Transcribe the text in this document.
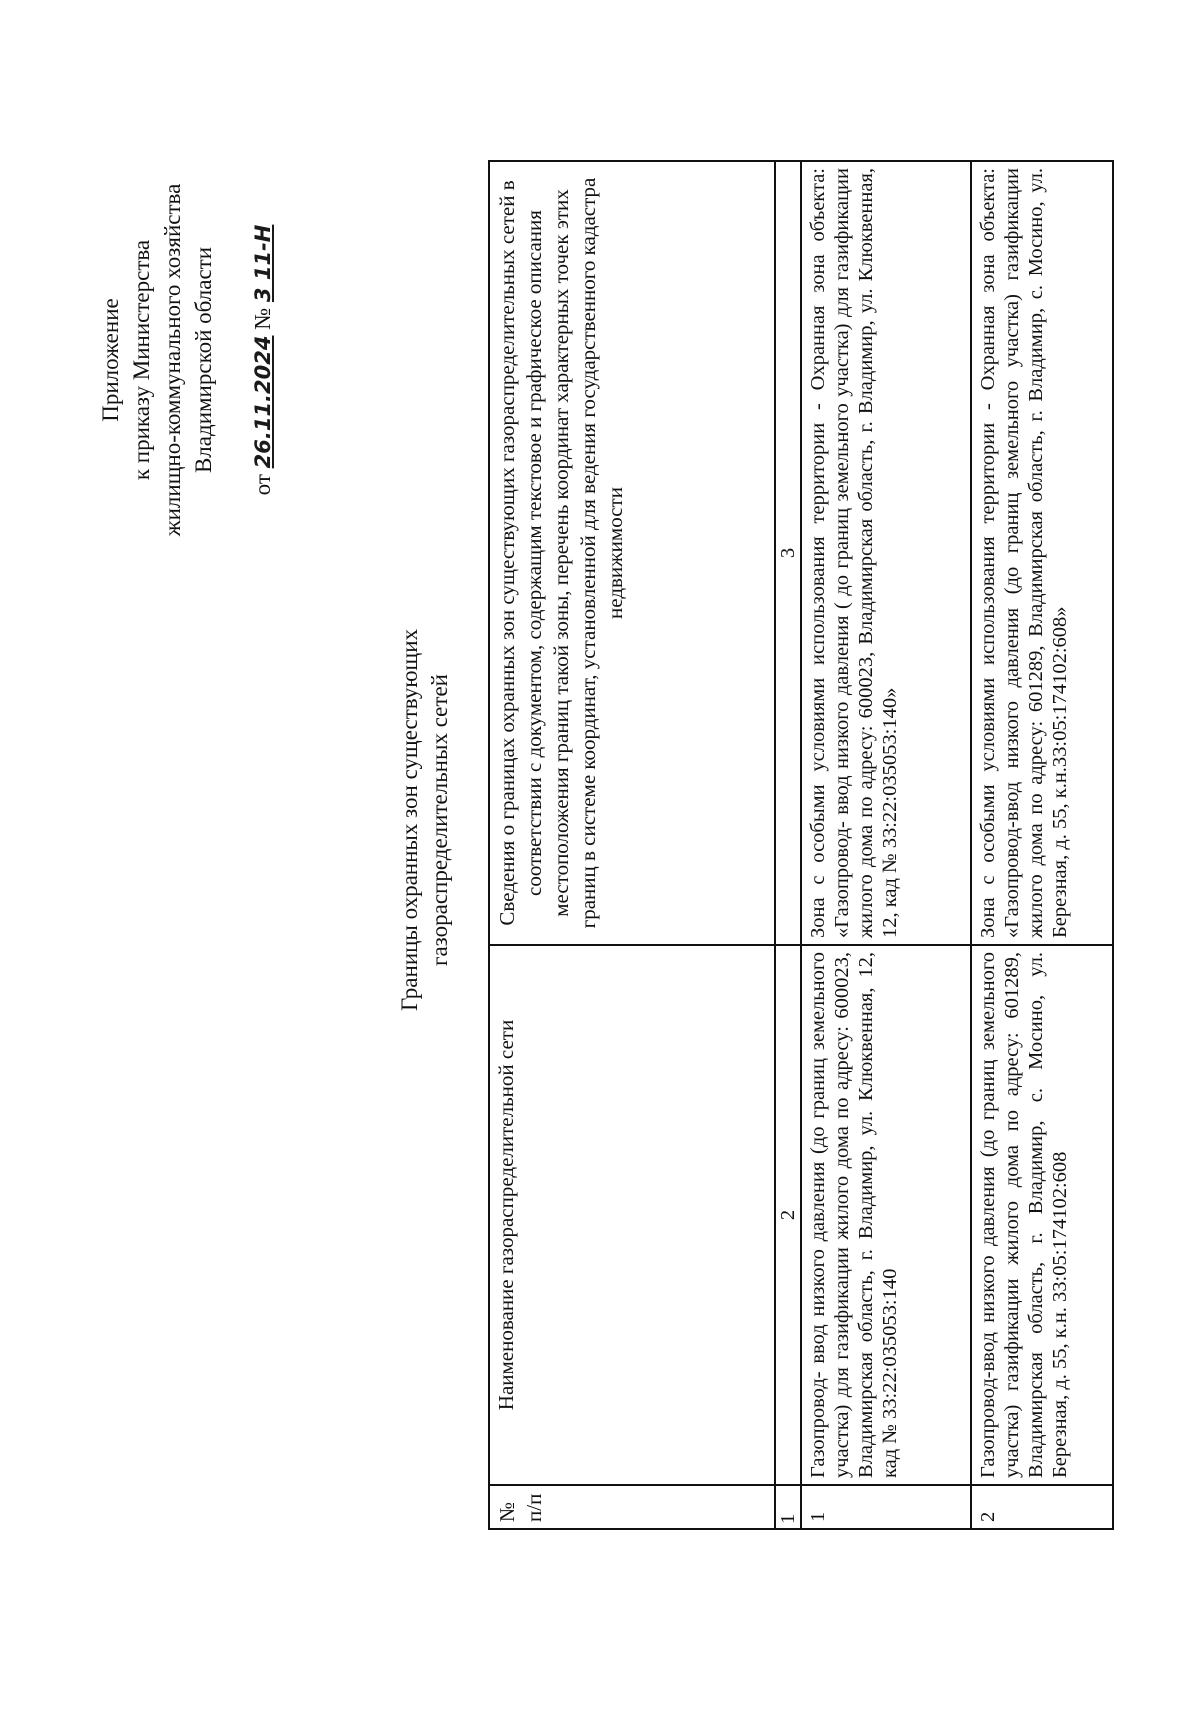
Приложение к приказу Министерства жилищно-коммунального хозяйства Владимирской области
от 26.11.2024 № 3 11-Н
Границы охранных зон существующих газораспределительных сетей
№ п/п	Наименование газораспределительной сети	Сведения о границах охранных зон существующих газораспределительных сетей в соответствии с документом, содержащим текстовое и графическое описания местоположения границ такой зоны, перечень координат характерных точек этих границ в системе координат, установленной для ведения государственного кадастра недвижимости
1	2	3
1	Газопровод- ввод низкого давления (до границ земельного участка) для газификации жилого дома по адресу: 600023, Владимирская область, г. Владимир, ул. Клюквенная, 12, кад № 33:22:035053:140	Зона с особыми условиями использования территории - Охранная зона объекта: «Газопровод- ввод низкого давления ( до границ земельного участка) для газификации жилого дома по адресу: 600023, Владимирская область, г. Владимир, ул. Клюквенная, 12, кад № 33:22:035053:140»
2	Газопровод-ввод низкого давления (до границ земельного участка) газификации жилого дома по адресу: 601289, Владимирская область, г. Владимир, с. Мосино, ул. Березная, д. 55, к.н. 33:05:174102:608	Зона с особыми условиями использования территории - Охранная зона объекта: «Газопровод-ввод низкого давления (до границ земельного участка) газификации жилого дома по адресу: 601289, Владимирская область, г. Владимир, с. Мосино, ул. Березная, д. 55, к.н.33:05:174102:608»
